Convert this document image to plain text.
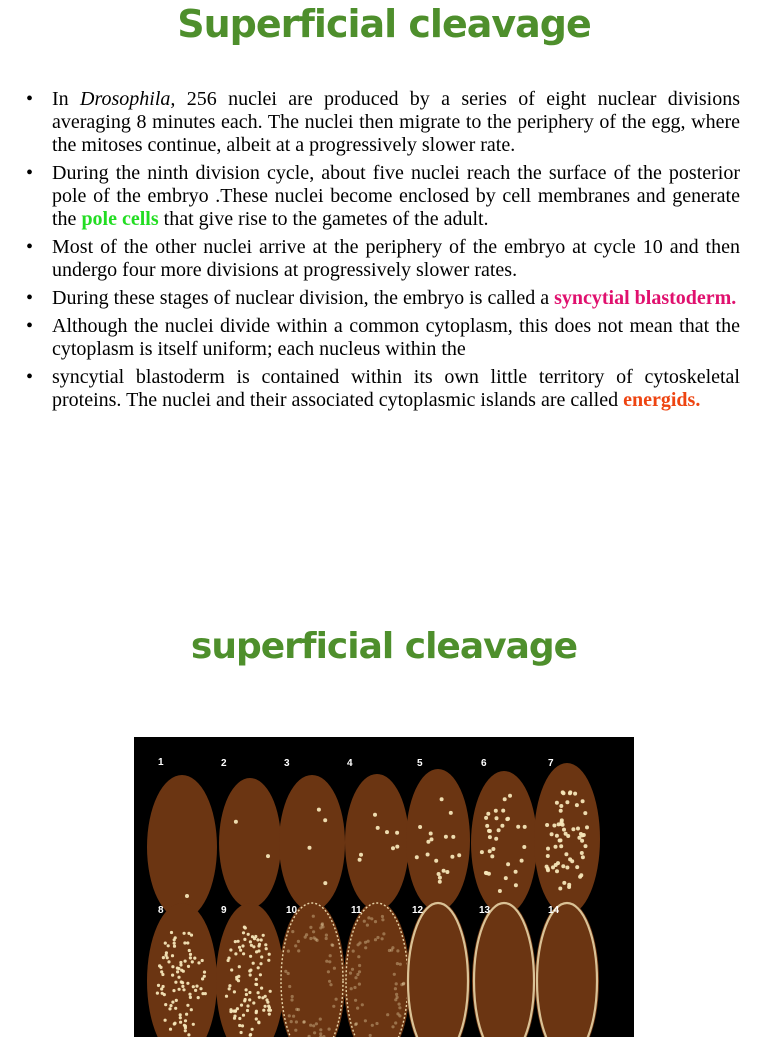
Superficial cleavage
• In Drosophila, 256 nuclei are produced by a series of eight nuclear divisions averaging 8 minutes each. The nuclei then migrate to the periphery of the egg, where the mitoses continue, albeit at a progressively slower rate.
• During the ninth division cycle, about five nuclei reach the surface of the posterior pole of the embryo .These nuclei become enclosed by cell membranes and generate the pole cells that give rise to the gametes of the adult.
• Most of the other nuclei arrive at the periphery of the embryo at cycle 10 and then undergo four more divisions at progressively slower rates.
• During these stages of nuclear division, the embryo is called a syncytial blastoderm.
• Although the nuclei divide within a common cytoplasm, this does not mean that the cytoplasm is itself uniform; each nucleus within the
• syncytial blastoderm is contained within its own little territory of cytoskeletal proteins. The nuclei and their associated cytoplasmic islands are called energids.
superficial cleavage
1	2	3	4	5	6	7
8	9	10	11	12	13	14
